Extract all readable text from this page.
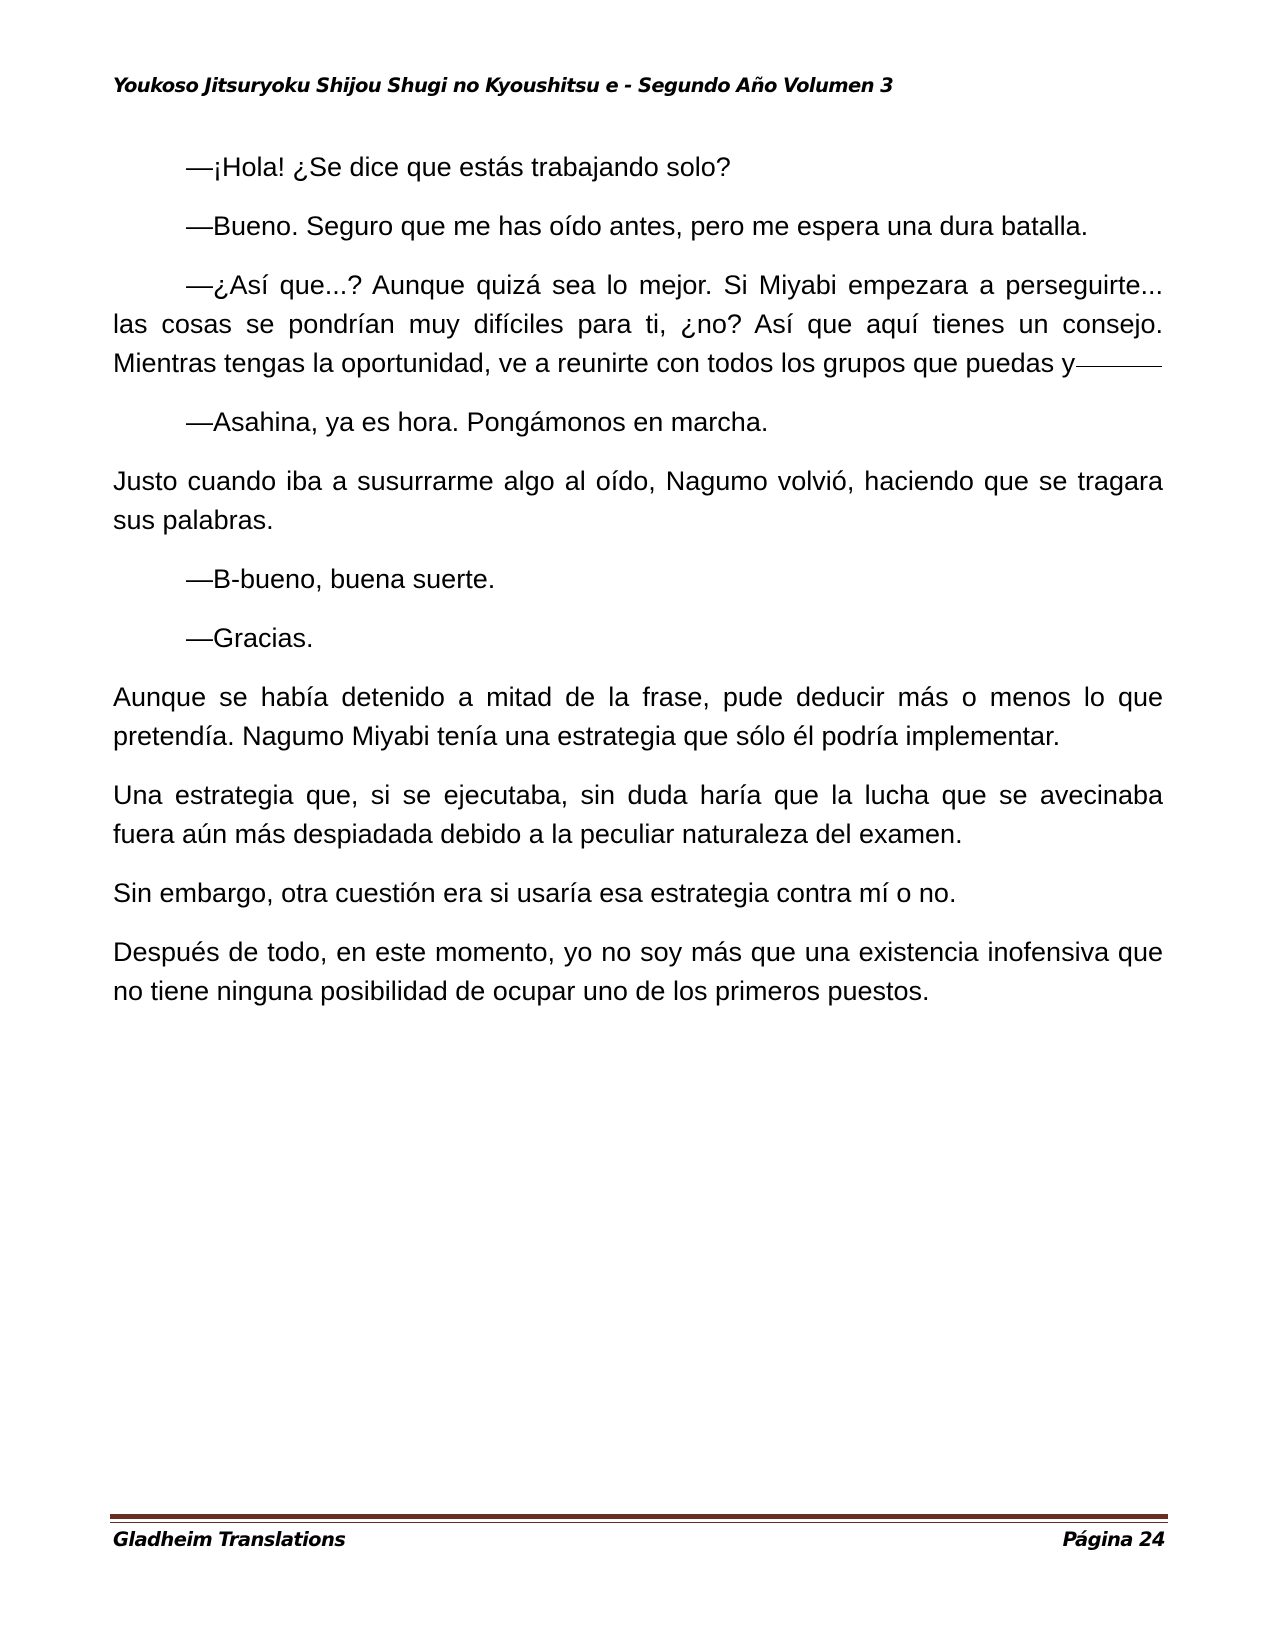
Youkoso Jitsuryoku Shijou Shugi no Kyoushitsu e - Segundo Año Volumen 3

—¡Hola! ¿Se dice que estás trabajando solo?

—Bueno. Seguro que me has oído antes, pero me espera una dura batalla.

—¿Así que...? Aunque quizá sea lo mejor. Si Miyabi empezara a perseguirte... las cosas se pondrían muy difíciles para ti, ¿no? Así que aquí tienes un consejo. Mientras tengas la oportunidad, ve a reunirte con todos los grupos que puedas y

—Asahina, ya es hora. Pongámonos en marcha.

Justo cuando iba a susurrarme algo al oído, Nagumo volvió, haciendo que se tragara sus palabras.

—B-bueno, buena suerte.

—Gracias.

Aunque se había detenido a mitad de la frase, pude deducir más o menos lo que pretendía. Nagumo Miyabi tenía una estrategia que sólo él podría implementar.

Una estrategia que, si se ejecutaba, sin duda haría que la lucha que se avecinaba fuera aún más despiadada debido a la peculiar naturaleza del examen.

Sin embargo, otra cuestión era si usaría esa estrategia contra mí o no.

Después de todo, en este momento, yo no soy más que una existencia inofensiva que no tiene ninguna posibilidad de ocupar uno de los primeros puestos.

Gladheim Translations	Página 24
